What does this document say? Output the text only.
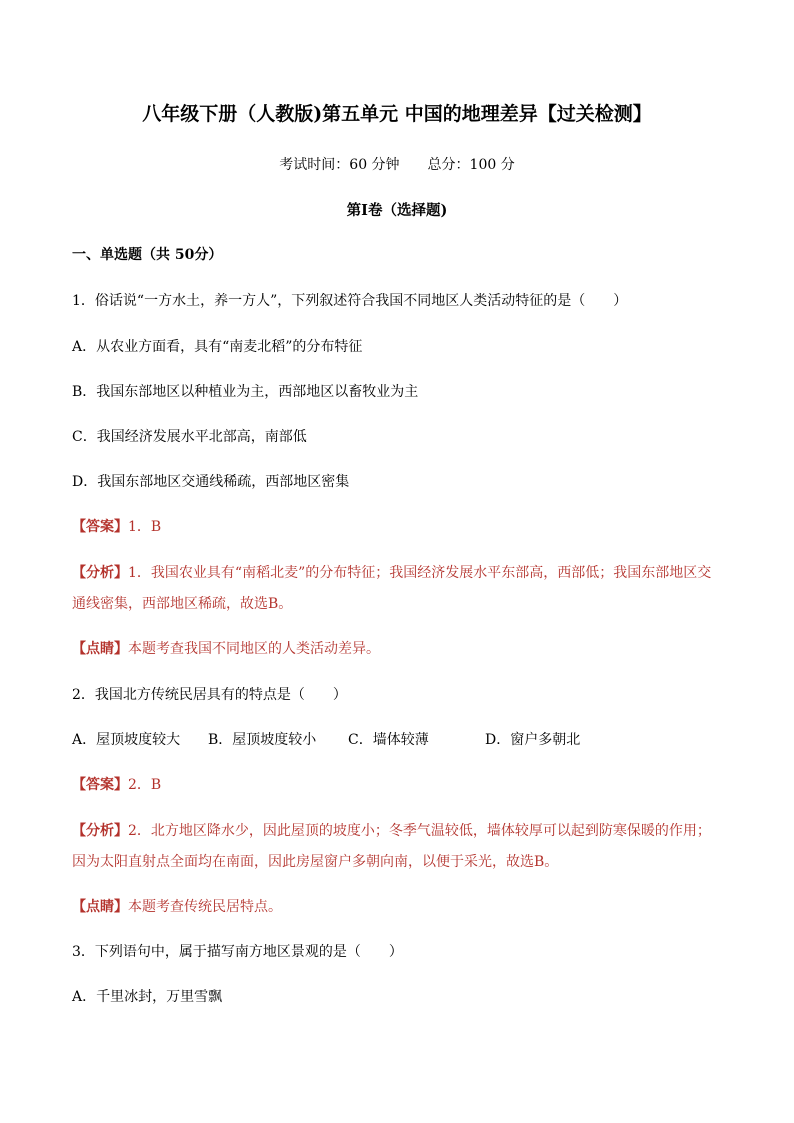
八年级下册（人教版)第五单元 中国的地理差异【过关检测】
考试时间：60 分钟 总分：100 分
第I卷（选择题)
一、单选题（共 50分）
1．俗话说“一方水土，养一方人”，下列叙述符合我国不同地区人类活动特征的是（　　）
A．从农业方面看，具有“南麦北稻”的分布特征
B．我国东部地区以种植业为主，西部地区以畜牧业为主
C．我国经济发展水平北部高，南部低
D．我国东部地区交通线稀疏，西部地区密集
【答案】1．B
【分析】1．我国农业具有“南稻北麦”的分布特征；我国经济发展水平东部高，西部低；我国东部地区交
通线密集，西部地区稀疏，故选B。
【点睛】本题考查我国不同地区的人类活动差异。
2．我国北方传统民居具有的特点是（　　）
A．屋顶坡度较大	B．屋顶坡度较小	C．墙体较薄	D．窗户多朝北
【答案】2．B
【分析】2．北方地区降水少，因此屋顶的坡度小；冬季气温较低，墙体较厚可以起到防寒保暖的作用；
因为太阳直射点全面均在南面，因此房屋窗户多朝向南，以便于采光，故选B。
【点睛】本题考查传统民居特点。
3．下列语句中，属于描写南方地区景观的是（　　）
A．千里冰封，万里雪飘
